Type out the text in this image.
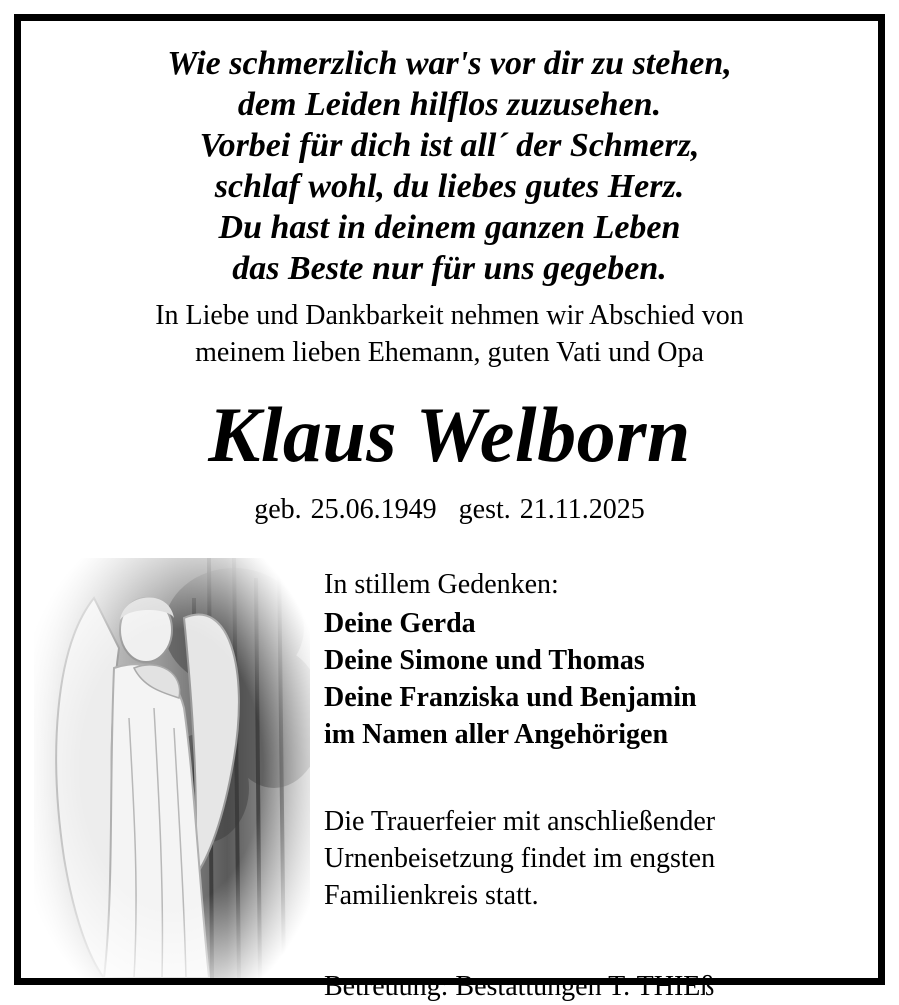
Wie schmerzlich war's vor dir zu stehen,
dem Leiden hilflos zuzusehen.
Vorbei für dich ist all´ der Schmerz,
schlaf wohl, du liebes gutes Herz.
Du hast in deinem ganzen Leben
das Beste nur für uns gegeben.
In Liebe und Dankbarkeit nehmen wir Abschied von
meinem lieben Ehemann, guten Vati und Opa
Klaus Welborn
geb. 25.06.1949 gest. 21.11.2025
In stillem Gedenken:
Deine Gerda
Deine Simone und Thomas
Deine Franziska und Benjamin
im Namen aller Angehörigen
Die Trauerfeier mit anschließender
Urnenbeisetzung findet im engsten
Familienkreis statt.
Betreuung: Bestattungen T. THIEß
